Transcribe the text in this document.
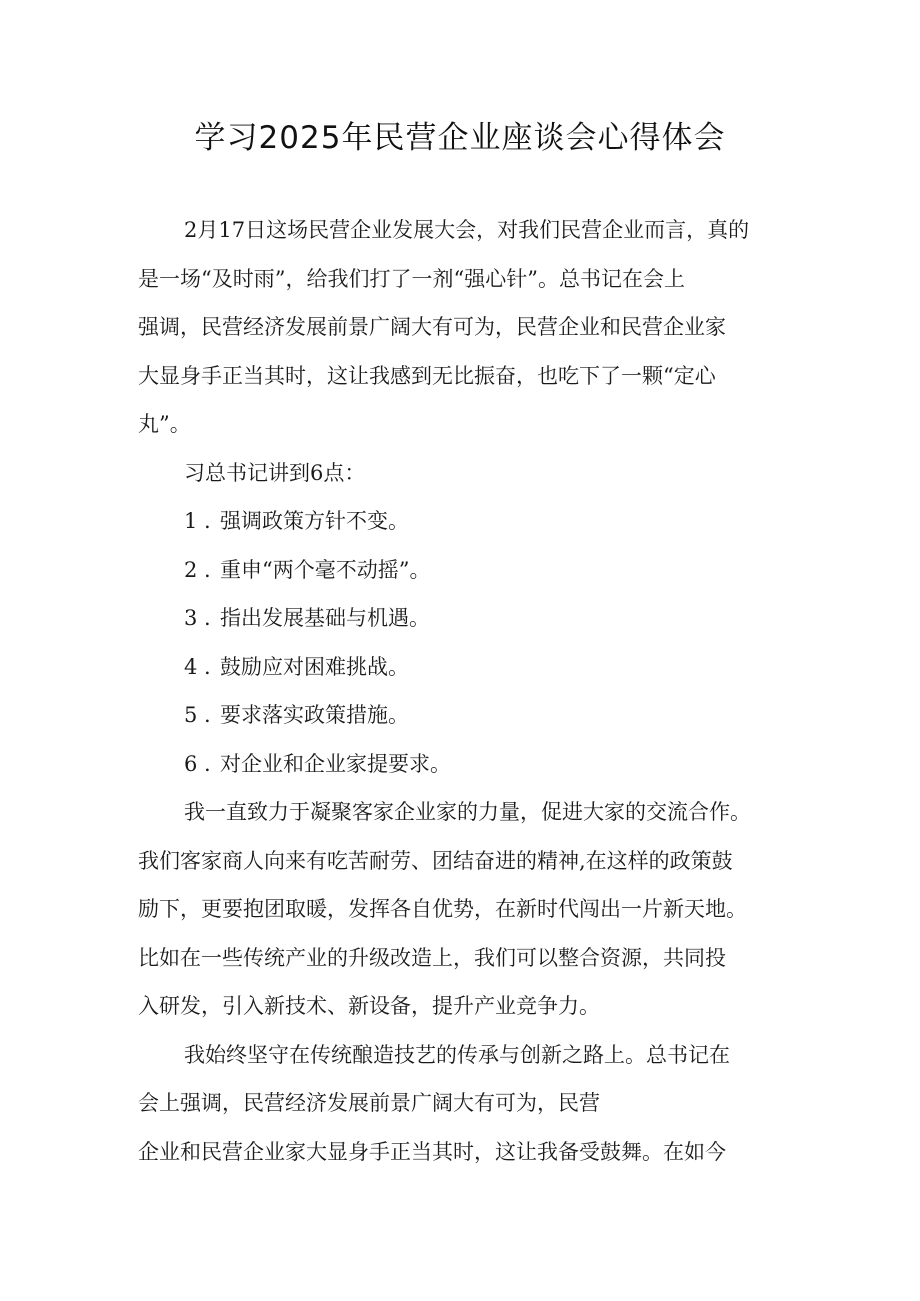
学习2025年民营企业座谈会心得体会
2月17日这场民营企业发展大会，对我们民营企业而言，真的
是一场“及时雨”，给我们打了一剂“强心针”。总书记在会上
强调，民营经济发展前景广阔大有可为，民营企业和民营企业家
大显身手正当其时，这让我感到无比振奋，也吃下了一颗“定心
丸”。
习总书记讲到6点：
1 . 强调政策方针不变。
2 . 重申“两个毫不动摇”。
3 . 指出发展基础与机遇。
4 . 鼓励应对困难挑战。
5 . 要求落实政策措施。
6 . 对企业和企业家提要求。
我一直致力于凝聚客家企业家的力量，促进大家的交流合作。
我们客家商人向来有吃苦耐劳、团结奋进的精神,在这样的政策鼓
励下，更要抱团取暖，发挥各自优势，在新时代闯出一片新天地。
比如在一些传统产业的升级改造上，我们可以整合资源，共同投
入研发，引入新技术、新设备，提升产业竞争力。
我始终坚守在传统酿造技艺的传承与创新之路上。总书记在
会上强调，民营经济发展前景广阔大有可为，民营
企业和民营企业家大显身手正当其时，这让我备受鼓舞。在如今
